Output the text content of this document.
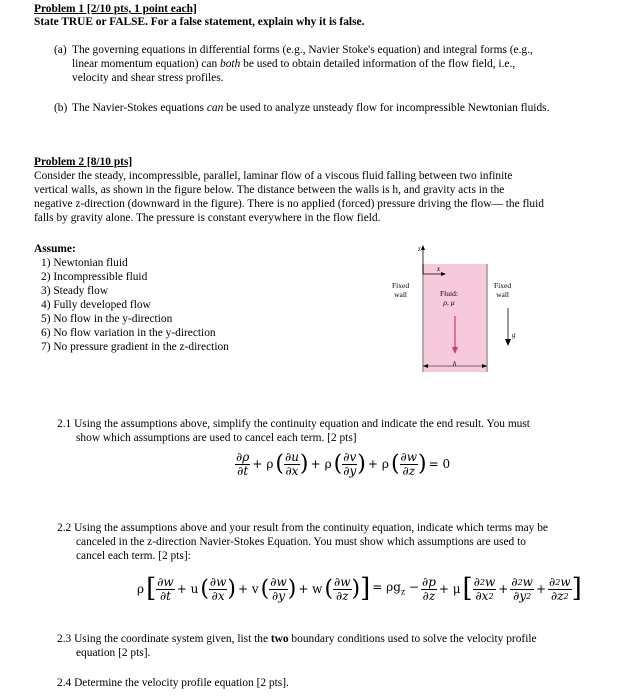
Problem 1 [2/10 pts, 1 point each]
State TRUE or FALSE. For a false statement, explain why it is false.
(a) The governing equations in differential forms (e.g., Navier Stoke's equation) and integral forms (e.g.,
linear momentum equation) can both be used to obtain detailed information of the flow field, i.e.,
velocity and shear stress profiles.
(b) The Navier-Stokes equations can be used to analyze unsteady flow for incompressible Newtonian fluids.
Problem 2 [8/10 pts]
Consider the steady, incompressible, parallel, laminar flow of a viscous fluid falling between two infinite
vertical walls, as shown in the figure below. The distance between the walls is h, and gravity acts in the
negative z-direction (downward in the figure). There is no applied (forced) pressure driving the flow— the fluid
falls by gravity alone. The pressure is constant everywhere in the flow field.
Assume:
1) Newtonian fluid
2) Incompressible fluid
3) Steady flow
4) Fully developed flow
5) No flow in the y-direction
6) No flow variation in the y-direction
7) No pressure gradient in the z-direction
z
x
Fixed
wall
Fixed
wall
Fluid:
ρ, μ
h
g
2.1 Using the assumptions above, simplify the continuity equation and indicate the end result. You must
show which assumptions are used to cancel each term. [2 pts]
$\frac{\partial\rho}{\partial t} + \rho( \frac{\partial u}{\partial x}$ ) + $\rho( \frac{\partial v}{\partial y}$ ) + $\rho( \frac{\partial w}{\partial z}$ ) = 0
2.2 Using the assumptions above and your result from the continuity equation, indicate which terms may be
canceled in the z-direction Navier-Stokes Equation. You must show which assumptions are used to
cancel each term. [2 pts]:
$\rho[ \frac{\partial w}{\partial t} + u( \frac{\partial w}{\partial x}$ ) + $v( \frac{\partial w}{\partial y}$ ) + $w( \frac{\partial w}{\partial z}$ )] = $\rho g_z - \frac{\partial p}{\partial z} + \mu[ \frac{\partial^2w}{\partial x^2} + \frac{\partial^2w}{\partial y^2} + \frac{\partial^2w}{\partial z^2}$ ]
2.3 Using the coordinate system given, list the two boundary conditions used to solve the velocity profile
equation [2 pts].
2.4 Determine the velocity profile equation [2 pts].
